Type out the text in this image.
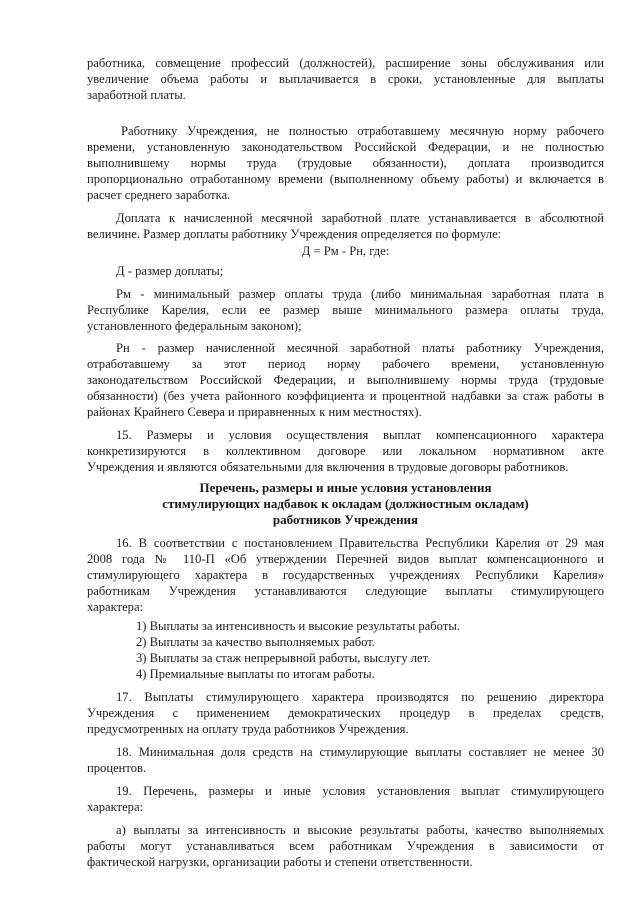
работника, совмещение профессий (должностей), расширение зоны обслуживания или
увеличение объема работы и выплачивается в сроки, установленные для выплаты
заработной платы.
Работнику Учреждения, не полностью отработавшему месячную норму рабочего
времени, установленную законодательством Российской Федерации, и не полностью
выполнившему нормы труда (трудовые обязанности), доплата производится
пропорционально отработанному времени (выполненному объему работы) и включается в
расчет среднего заработка.
Доплата к начисленной месячной заработной плате устанавливается в абсолютной
величине. Размер доплаты работнику Учреждения определяется по формуле:
Д = Рм - Рн, где:
Д - размер доплаты;
Рм - минимальный размер оплаты труда (либо минимальная заработная плата в
Республике Карелия, если ее размер выше минимального размера оплаты труда,
установленного федеральным законом);
Рн - размер начисленной месячной заработной платы работнику Учреждения,
отработавшему за этот период норму рабочего времени, установленную
законодательством Российской Федерации, и выполнившему нормы труда (трудовые
обязанности) (без учета районного коэффициента и процентной надбавки за стаж работы в
районах Крайнего Севера и приравненных к ним местностях).
15. Размеры и условия осуществления выплат компенсационного характера
конкретизируются в коллективном договоре или локальном нормативном акте
Учреждения и являются обязательными для включения в трудовые договоры работников.
Перечень, размеры и иные условия установления
стимулирующих надбавок к окладам (должностным окладам)
работников Учреждения
16. В соответствии с постановлением Правительства Республики Карелия от 29 мая
2008 года № 110-П «Об утверждении Перечней видов выплат компенсационного и
стимулирующего характера в государственных учреждениях Республики Карелия»
работникам Учреждения устанавливаются следующие выплаты стимулирующего
характера:
1) Выплаты за интенсивность и высокие результаты работы.
2) Выплаты за качество выполняемых работ.
3) Выплаты за стаж непрерывной работы, выслугу лет.
4) Премиальные выплаты по итогам работы.
17. Выплаты стимулирующего характера производятся по решению директора
Учреждения с применением демократических процедур в пределах средств,
предусмотренных на оплату труда работников Учреждения.
18. Минимальная доля средств на стимулирующие выплаты составляет не менее 30
процентов.
19. Перечень, размеры и иные условия установления выплат стимулирующего
характера:
а) выплаты за интенсивность и высокие результаты работы, качество выполняемых
работы могут устанавливаться всем работникам Учреждения в зависимости от
фактической нагрузки, организации работы и степени ответственности.
